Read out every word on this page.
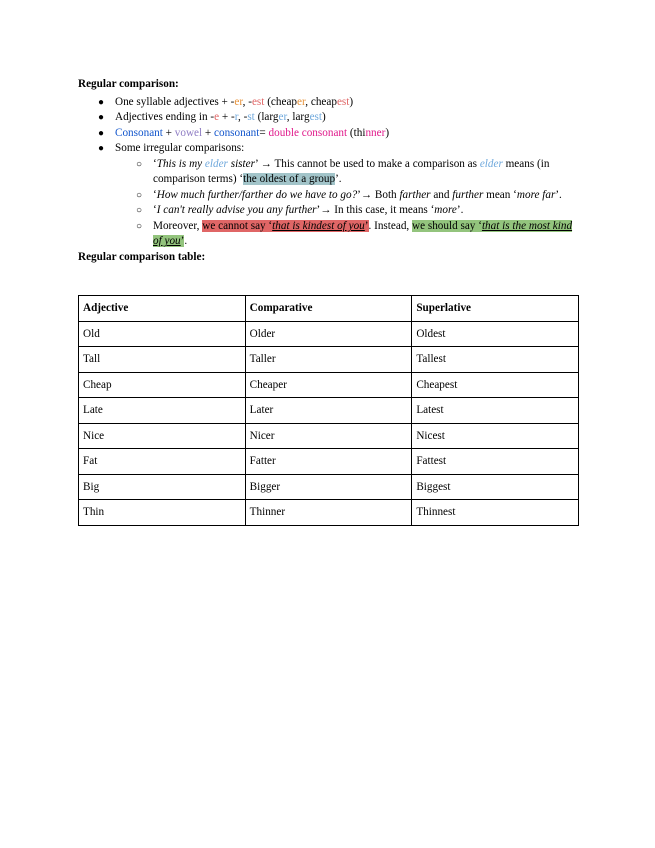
Regular comparison:

● One syllable adjectives + -er, -est (cheaper, cheapest)
● Adjectives ending in -e + -r, -st (larger, largest)
● Consonant + vowel + consonant= double consonant (thinner)
● Some irregular comparisons:
○ ‘This is my elder sister’ → This cannot be used to make a comparison as elder means (in comparison terms) ‘the oldest of a group’.
○ ‘How much further/farther do we have to go?’→ Both farther and further mean ‘more far’.
○ ‘I can't really advise you any further’→ In this case, it means ‘more’.
○ Moreover, we cannot say ‘that is kindest of you’. Instead, we should say ‘that is the most kind of you’.

Regular comparison table:

Adjective	Comparative	Superlative
Old	Older	Oldest
Tall	Taller	Tallest
Cheap	Cheaper	Cheapest
Late	Later	Latest
Nice	Nicer	Nicest
Fat	Fatter	Fattest
Big	Bigger	Biggest
Thin	Thinner	Thinnest
